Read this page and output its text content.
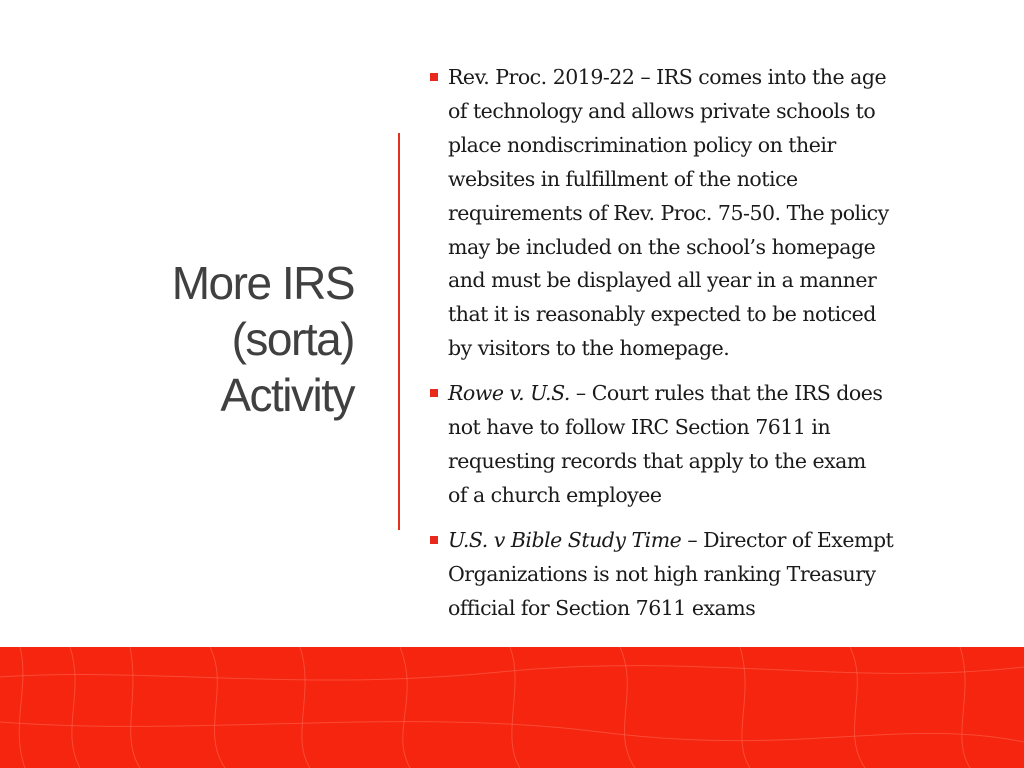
More IRS
(sorta)
Activity
Rev. Proc. 2019-22 – IRS comes into the age
of technology and allows private schools to
place nondiscrimination policy on their
websites in fulfillment of the notice
requirements of Rev. Proc. 75-50. The policy
may be included on the school’s homepage
and must be displayed all year in a manner
that it is reasonably expected to be noticed
by visitors to the homepage.
Rowe v. U.S. – Court rules that the IRS does
not have to follow IRC Section 7611 in
requesting records that apply to the exam
of a church employee
U.S. v Bible Study Time – Director of Exempt
Organizations is not high ranking Treasury
official for Section 7611 exams
